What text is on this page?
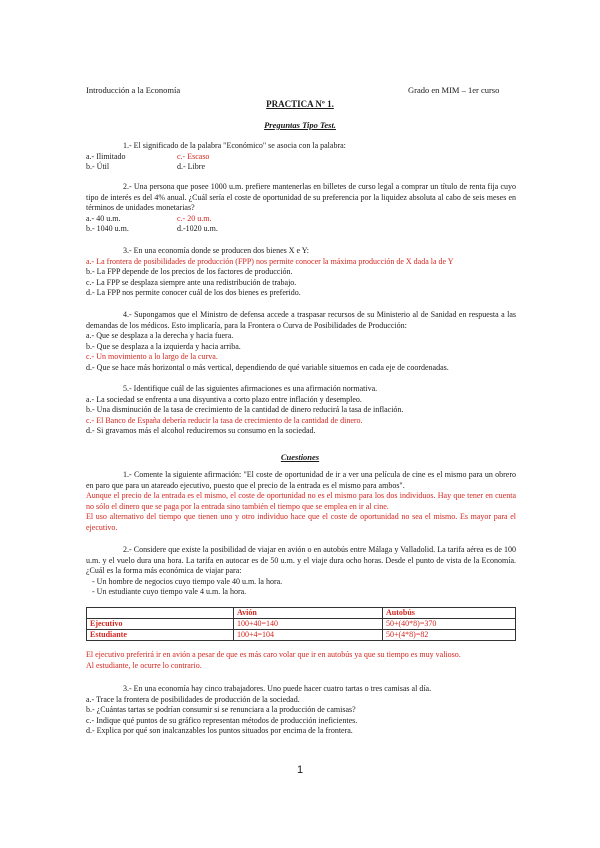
Introducción a la Economía	Grado en MIM – 1er curso
PRACTICA Nº 1.
Preguntas Tipo Test.

1.- El significado de la palabra "Económico" se asocia con la palabra:

a.- Ilimitado	c.- Escaso
b.- Útil	d.- Libre

2.- Una persona que posee 1000 u.m. prefiere mantenerlas en billetes de curso legal a comprar un título de renta fija cuyo tipo de interés es del 4% anual. ¿Cuál sería el coste de oportunidad de su preferencia por la liquidez absoluta al cabo de seis meses en términos de unidades monetarias?

a.- 40 u.m.	c.- 20 u.m.
b.- 1040 u.m.	d.-1020 u.m.

3.- En una economía donde se producen dos bienes X e Y:

a.- La frontera de posibilidades de producción (FPP) nos permite conocer la máxima producción de X dada la de Y

b.- La FPP depende de los precios de los factores de producción.

c.- La FPP se desplaza siempre ante una redistribución de trabajo.

d.- La FPP nos permite conocer cuál de los dos bienes es preferido.

4.- Supongamos que el Ministro de defensa accede a traspasar recursos de su Ministerio al de Sanidad en respuesta a las demandas de los médicos. Esto implicaría, para la Frontera o Curva de Posibilidades de Producción:

a.- Que se desplaza a la derecha y hacia fuera.

b.- Que se desplaza a la izquierda y hacia arriba.

c.- Un movimiento a lo largo de la curva.

d.- Que se hace más horizontal o más vertical, dependiendo de qué variable situemos en cada eje de coordenadas.

5.- Identifique cuál de las siguientes afirmaciones es una afirmación normativa.

a.- La sociedad se enfrenta a una disyuntiva a corto plazo entre inflación y desempleo.

b.- Una disminución de la tasa de crecimiento de la cantidad de dinero reducirá la tasa de inflación.

c.- El Banco de España debería reducir la tasa de crecimiento de la cantidad de dinero.

d.- Si gravamos más el alcohol reduciremos su consumo en la sociedad.

Cuestiones

1.- Comente la siguiente afirmación: "El coste de oportunidad de ir a ver una película de cine es el mismo para un obrero en paro que para un atareado ejecutivo, puesto que el precio de la entrada es el mismo para ambos".

Aunque el precio de la entrada es el mismo, el coste de oportunidad no es el mismo para los dos individuos. Hay que tener en cuenta no sólo el dinero que se paga por la entrada sino también el tiempo que se emplea en ir al cine.

El uso alternativo del tiempo que tienen uno y otro individuo hace que el coste de oportunidad no sea el mismo. Es mayor para el ejecutivo.

2.- Considere que existe la posibilidad de viajar en avión o en autobús entre Málaga y Valladolid. La tarifa aérea es de 100 u.m. y el vuelo dura una hora. La tarifa en autocar es de 50 u.m. y el viaje dura ocho horas. Desde el punto de vista de la Economía. ¿Cuál es la forma más económica de viajar para:

- Un hombre de negocios cuyo tiempo vale 40 u.m. la hora.

- Un estudiante cuyo tiempo vale 4 u.m. la hora.

	Avión	Autobús
Ejecutivo	100+40=140	50+(40*8)=370
Estudiante	100+4=104	50+(4*8)=82

El ejecutivo preferirá ir en avión a pesar de que es más caro volar que ir en autobús ya que su tiempo es muy valioso.

Al estudiante, le ocurre lo contrario.

3.- En una economía hay cinco trabajadores. Uno puede hacer cuatro tartas o tres camisas al día.

a.- Trace la frontera de posibilidades de producción de la sociedad.

b.- ¿Cuántas tartas se podrían consumir si se renunciara a la producción de camisas?

c.- Indique qué puntos de su gráfico representan métodos de producción ineficientes.

d.- Explica por qué son inalcanzables los puntos situados por encima de la frontera.

1
